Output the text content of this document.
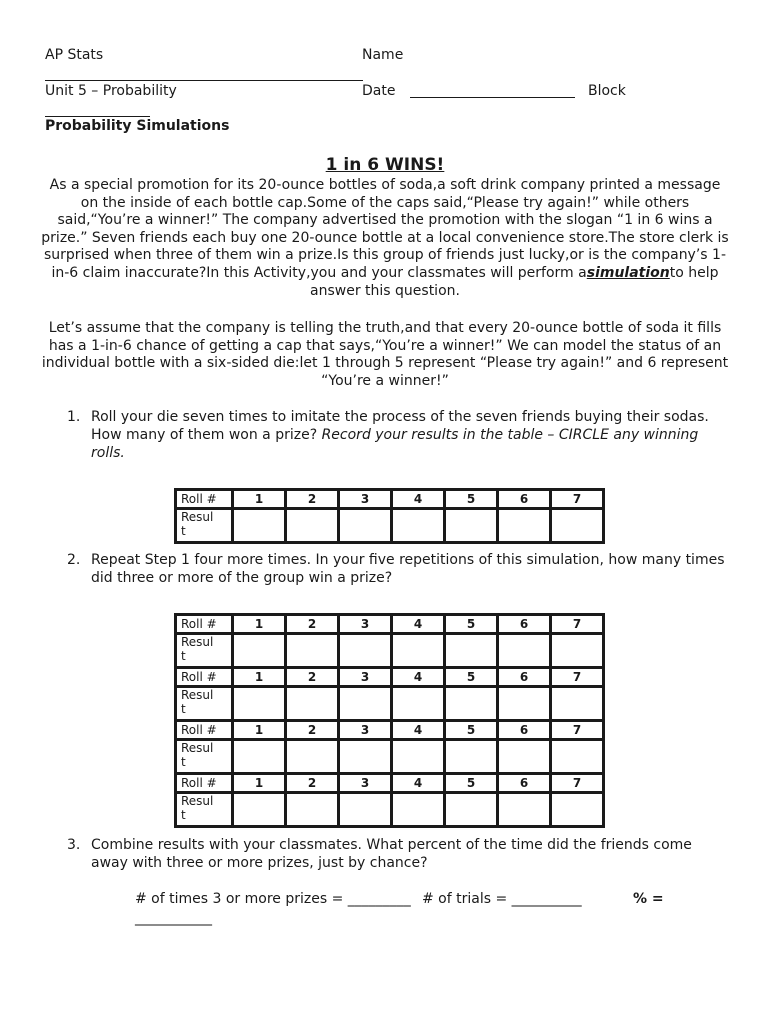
AP Stats	Name
Unit 5 – Probability	Date	Block
Probability Simulations
1 in 6 WINS!
As a special promotion for its 20-ounce bottles of soda,a soft drink company printed a message on the inside of each bottle cap.Some of the caps said,“Please try again!” while others said,“You’re a winner!” The company advertised the promotion with the slogan “1 in 6 wins a prize.” Seven friends each buy one 20-ounce bottle at a local convenience store.The store clerk is surprised when three of them win a prize.Is this group of friends just lucky,or is the company’s 1-in-6 claim inaccurate?In this Activity,you and your classmates will perform asimulationto help answer this question.
Let’s assume that the company is telling the truth,and that every 20-ounce bottle of soda it fills has a 1-in-6 chance of getting a cap that says,“You’re a winner!” We can model the status of an individual bottle with a six-sided die:let 1 through 5 represent “Please try again!” and 6 represent “You’re a winner!”
1. Roll your die seven times to imitate the process of the seven friends buying their sodas. How many of them won a prize? Record your results in the table – CIRCLE any winning rolls.
Roll #	1	2	3	4	5	6	7
Resul
t							
2. Repeat Step 1 four more times. In your five repetitions of this simulation, how many times did three or more of the group win a prize?
Roll #	1	2	3	4	5	6	7
Resul
t							
Roll #	1	2	3	4	5	6	7
Resul
t							
Roll #	1	2	3	4	5	6	7
Resul
t							
Roll #	1	2	3	4	5	6	7
Resul
t							
3. Combine results with your classmates. What percent of the time did the friends come away with three or more prizes, just by chance?
# of times 3 or more prizes = _________ # of trials = __________	% =
___________
